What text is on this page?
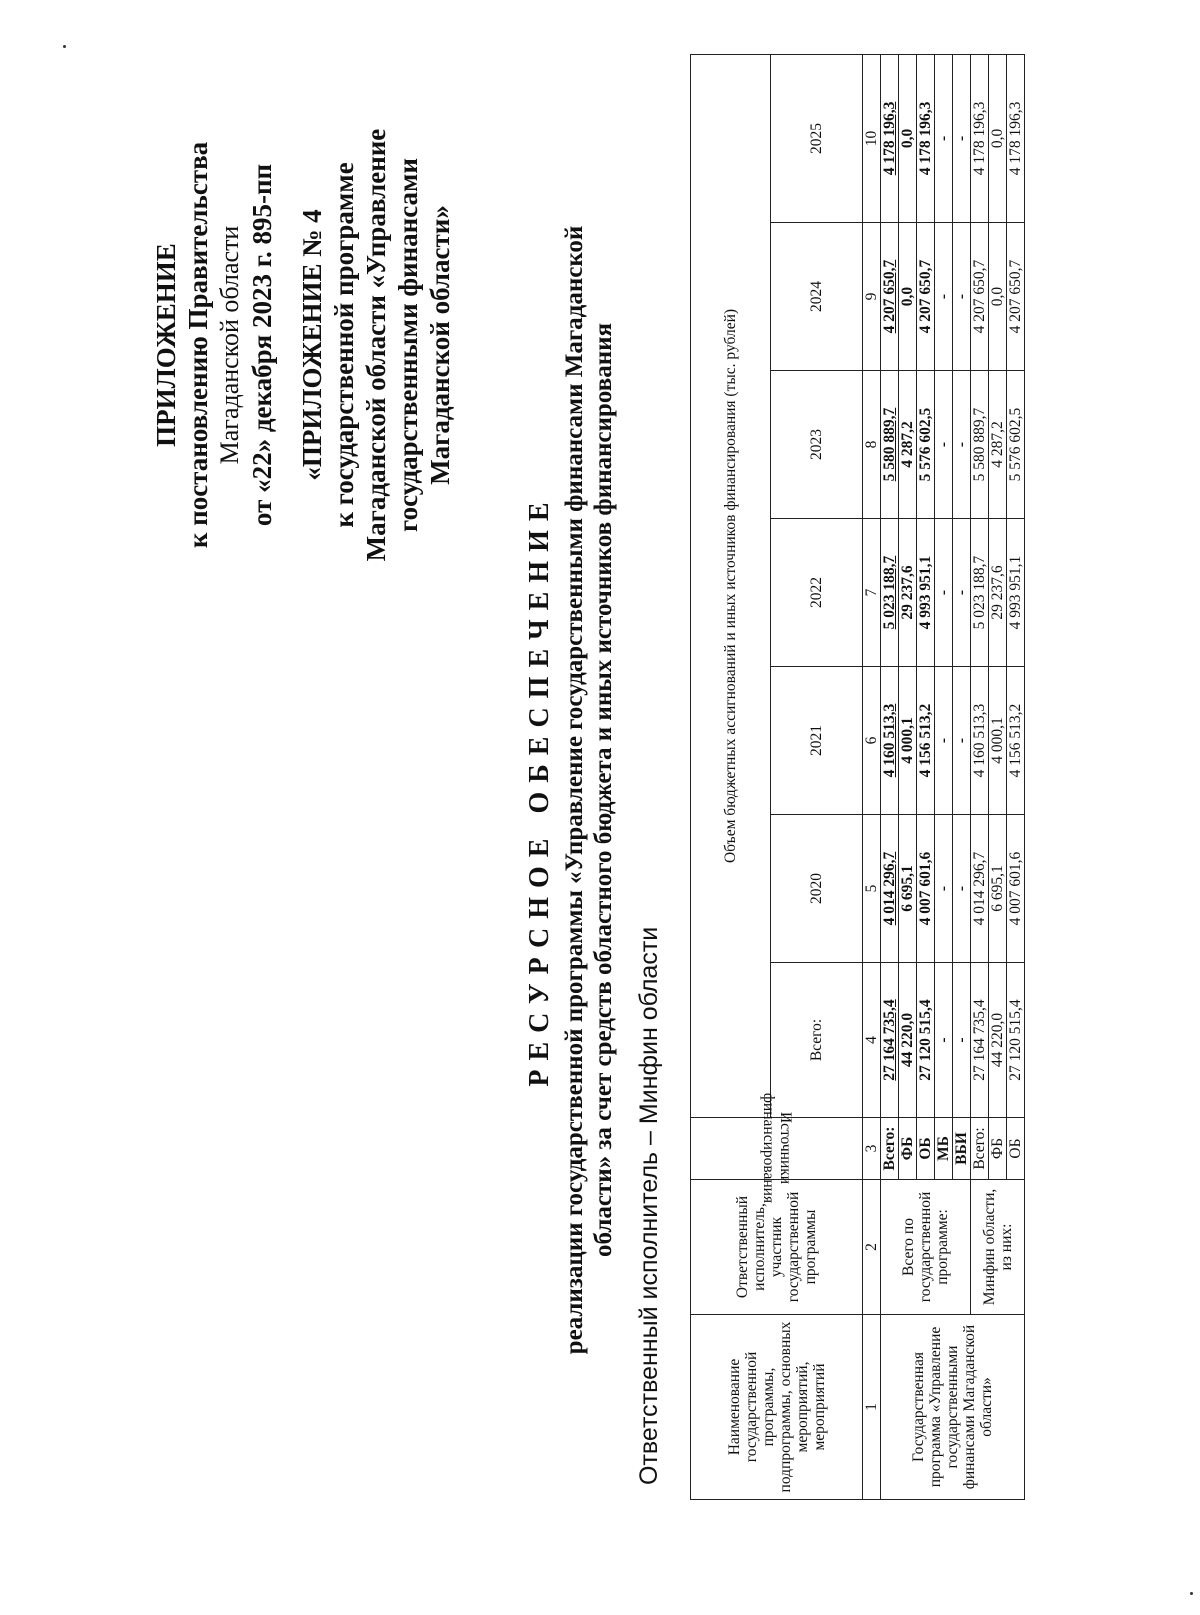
ПРИЛОЖЕНИЕ к постановлению Правительства Магаданской области от «22» декабря 2023 г. 895-пп «ПРИЛОЖЕНИЕ № 4 к государственной программе Магаданской области «Управление государственными финансами Магаданской области»
РЕСУРСНОЕ ОБЕСПЕЧЕНИЕ реализации государственной программы «Управление государственными финансами Магаданской области» за счет средств областного бюджета и иных источников финансирования Ответственный исполнитель – Минфин области	Наименование государственной программы, подпрограммы, основных мероприятий, мероприятий	Ответственный исполнитель, участник государственной программы	Источники финансирования	Объем бюджетных ассигнований и иных источников финансирования (тыс. рублей)						
			Всего:	2020	2021	2022	2023	2024	2025
1	2	3	4	5	6	7	8	9	10
Государственная программа «Управление государственными финансами Магаданской области»	Всего по государственной программе:	Всего:	27 164 735,4	4 014 296,7	4 160 513,3	5 023 188,7	5 580 889,7	4 207 650,7	4 178 196,3
		ФБ	44 220,0	6 695,1	4 000,1	29 237,6	4 287,2	0,0	0,0
		ОБ	27 120 515,4	4 007 601,6	4 156 513,2	4 993 951,1	5 576 602,5	4 207 650,7	4 178 196,3
		МБ	-	-	-	-	-	-	-
		ВБИ	-	-	-	-	-	-	-
	Минфин области, из них:	Всего:	27 164 735,4	4 014 296,7	4 160 513,3	5 023 188,7	5 580 889,7	4 207 650,7	4 178 196,3
		ФБ	44 220,0	6 695,1	4 000,1	29 237,6	4 287,2	0,0	0,0
		ОБ	27 120 515,4	4 007 601,6	4 156 513,2	4 993 951,1	5 576 602,5	4 207 650,7	4 178 196,3
